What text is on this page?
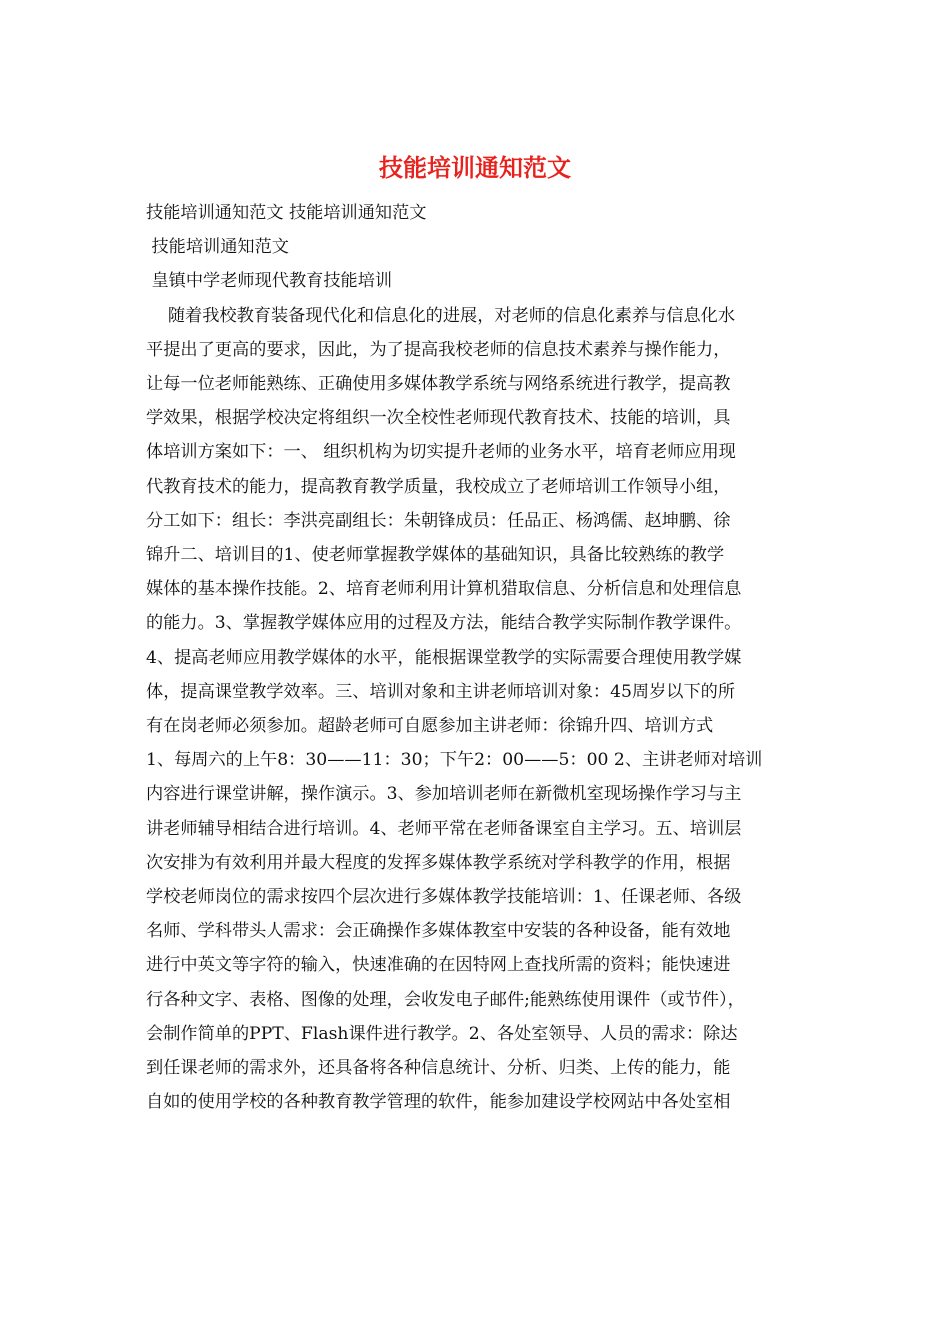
技能培训通知范文
技能培训通知范文 技能培训通知范文
技能培训通知范文
皇镇中学老师现代教育技能培训
随着我校教育装备现代化和信息化的进展，对老师的信息化素养与信息化水
平提出了更高的要求，因此，为了提高我校老师的信息技术素养与操作能力，
让每一位老师能熟练、正确使用多媒体教学系统与网络系统进行教学，提高教
学效果，根据学校决定将组织一次全校性老师现代教育技术、技能的培训，具
体培训方案如下：一、 组织机构为切实提升老师的业务水平，培育老师应用现
代教育技术的能力，提高教育教学质量，我校成立了老师培训工作领导小组，
分工如下：组长：李洪亮副组长：朱朝锋成员：任品正、杨鸿儒、赵坤鹏、徐
锦升二、培训目的1、使老师掌握教学媒体的基础知识，具备比较熟练的教学
媒体的基本操作技能。2、培育老师利用计算机猎取信息、分析信息和处理信息
的能力。3、掌握教学媒体应用的过程及方法，能结合教学实际制作教学课件。
4、提高老师应用教学媒体的水平，能根据课堂教学的实际需要合理使用教学媒
体，提高课堂教学效率。三、培训对象和主讲老师培训对象：45周岁以下的所
有在岗老师必须参加。超龄老师可自愿参加主讲老师：徐锦升四、培训方式
1、每周六的上午8：30——11：30；下午2：00——5：00 2、主讲老师对培训
内容进行课堂讲解，操作演示。3、参加培训老师在新微机室现场操作学习与主
讲老师辅导相结合进行培训。4、老师平常在老师备课室自主学习。五、培训层
次安排为有效利用并最大程度的发挥多媒体教学系统对学科教学的作用，根据
学校老师岗位的需求按四个层次进行多媒体教学技能培训：1、任课老师、各级
名师、学科带头人需求：会正确操作多媒体教室中安装的各种设备，能有效地
进行中英文等字符的输入，快速准确的在因特网上查找所需的资料；能快速进
行各种文字、表格、图像的处理，会收发电子邮件;能熟练使用课件（或节件），
会制作简单的PPT、Flash课件进行教学。2、各处室领导、人员的需求：除达
到任课老师的需求外，还具备将各种信息统计、分析、归类、上传的能力，能
自如的使用学校的各种教育教学管理的软件，能参加建设学校网站中各处室相
